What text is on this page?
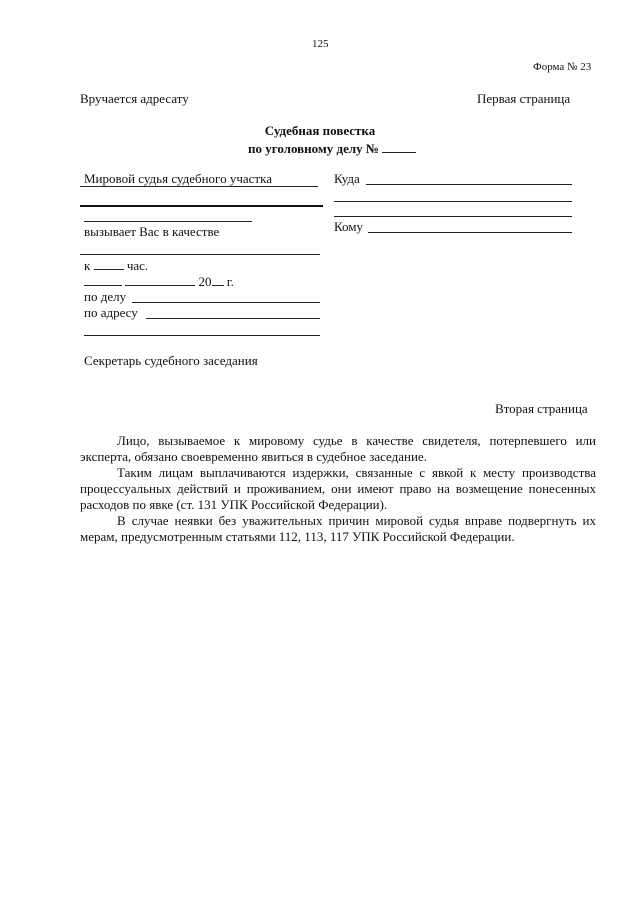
125
Форма № 23
Вручается адресату	Первая страница
Судебная повестка
по уголовному делу №
Мировой судья судебного участка
вызывает Вас в качестве
к	час.
20 г.
по делу
по адресу
Секретарь судебного заседания
Куда
Кому
Вторая страница

Лицо, вызываемое к мировому судье в качестве свидетеля, потерпевшего или эксперта, обязано своевременно явиться в судебное заседание.

Таким лицам выплачиваются издержки, связанные с явкой к месту производства процессуальных действий и проживанием, они имеют право на возмещение понесенных расходов по явке (ст. 131 УПК Российской Федерации).

В случае неявки без уважительных причин мировой судья вправе подвергнуть их мерам, предусмотренным статьями 112, 113, 117 УПК Российской Федерации.
